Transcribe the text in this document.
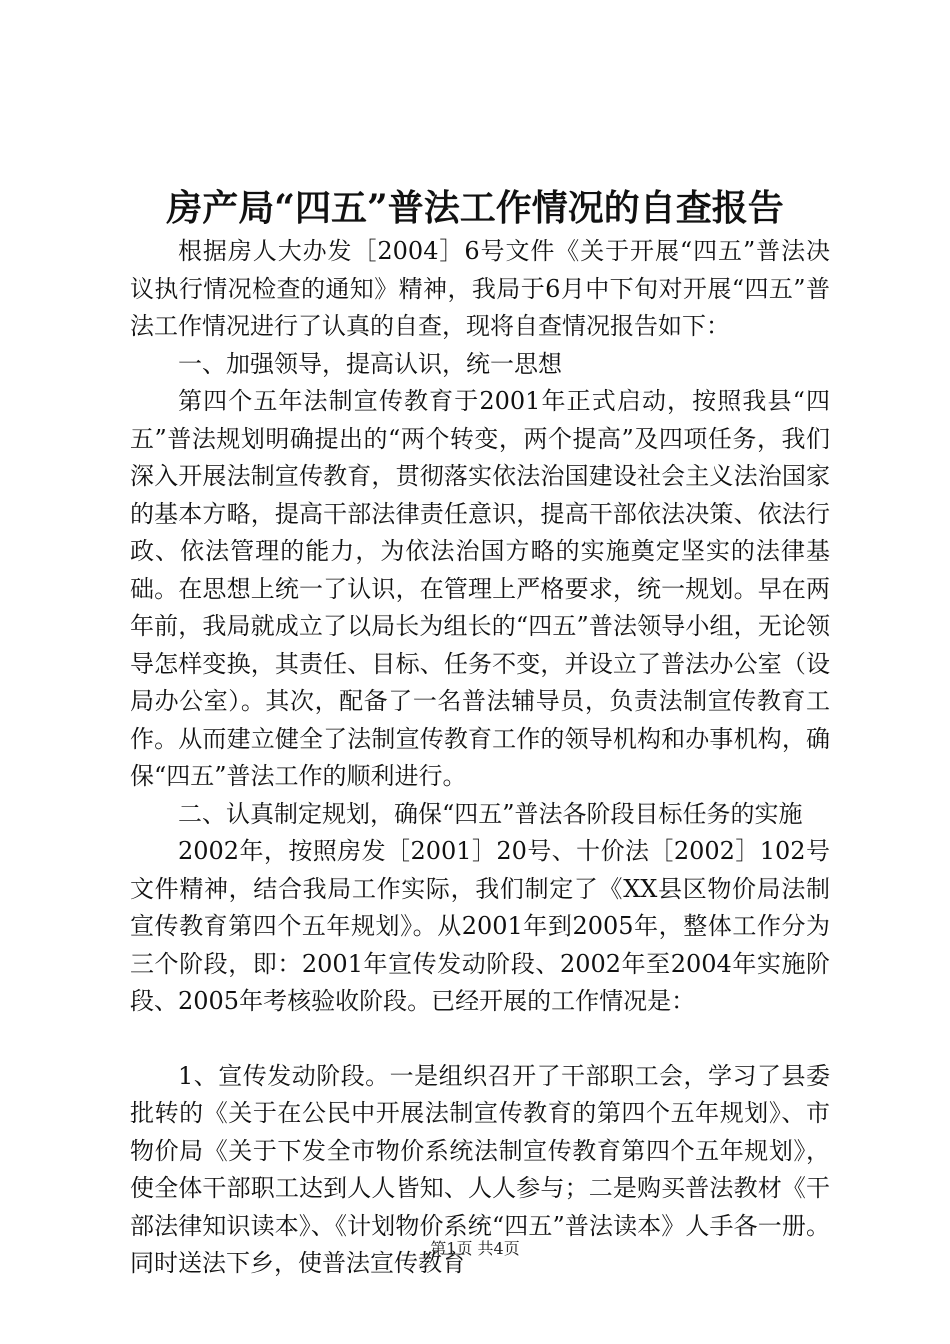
房产局“四五”普法工作情况的自查报告

根据房人大办发［2004］6号文件《关于开展“四五”普法决议执行情况检查的通知》精神，我局于6月中下旬对开展“四五”普法工作情况进行了认真的自查，现将自查情况报告如下：

一、加强领导，提高认识，统一思想

第四个五年法制宣传教育于2001年正式启动，按照我县“四五”普法规划明确提出的“两个转变，两个提高”及四项任务，我们深入开展法制宣传教育，贯彻落实依法治国建设社会主义法治国家的基本方略，提高干部法律责任意识，提高干部依法决策、依法行政、依法管理的能力，为依法治国方略的实施奠定坚实的法律基础。在思想上统一了认识，在管理上严格要求，统一规划。早在两年前，我局就成立了以局长为组长的“四五”普法领导小组，无论领导怎样变换，其责任、目标、任务不变，并设立了普法办公室（设局办公室）。其次，配备了一名普法辅导员，负责法制宣传教育工作。从而建立健全了法制宣传教育工作的领导机构和办事机构，确保“四五”普法工作的顺利进行。

二、认真制定规划，确保“四五”普法各阶段目标任务的实施

2002年，按照房发［2001］20号、十价法［2002］102号文件精神，结合我局工作实际，我们制定了《XX县区物价局法制宣传教育第四个五年规划》。从2001年到2005年，整体工作分为三个阶段，即：2001年宣传发动阶段、2002年至2004年实施阶段、2005年考核验收阶段。已经开展的工作情况是：

1、宣传发动阶段。一是组织召开了干部职工会，学习了县委批转的《关于在公民中开展法制宣传教育的第四个五年规划》、市物价局《关于下发全市物价系统法制宣传教育第四个五年规划》，使全体干部职工达到人人皆知、人人参与；二是购买普法教材《干部法律知识读本》、《计划物价系统“四五”普法读本》人手各一册。同时送法下乡，使普法宣传教育

第1页 共4页
